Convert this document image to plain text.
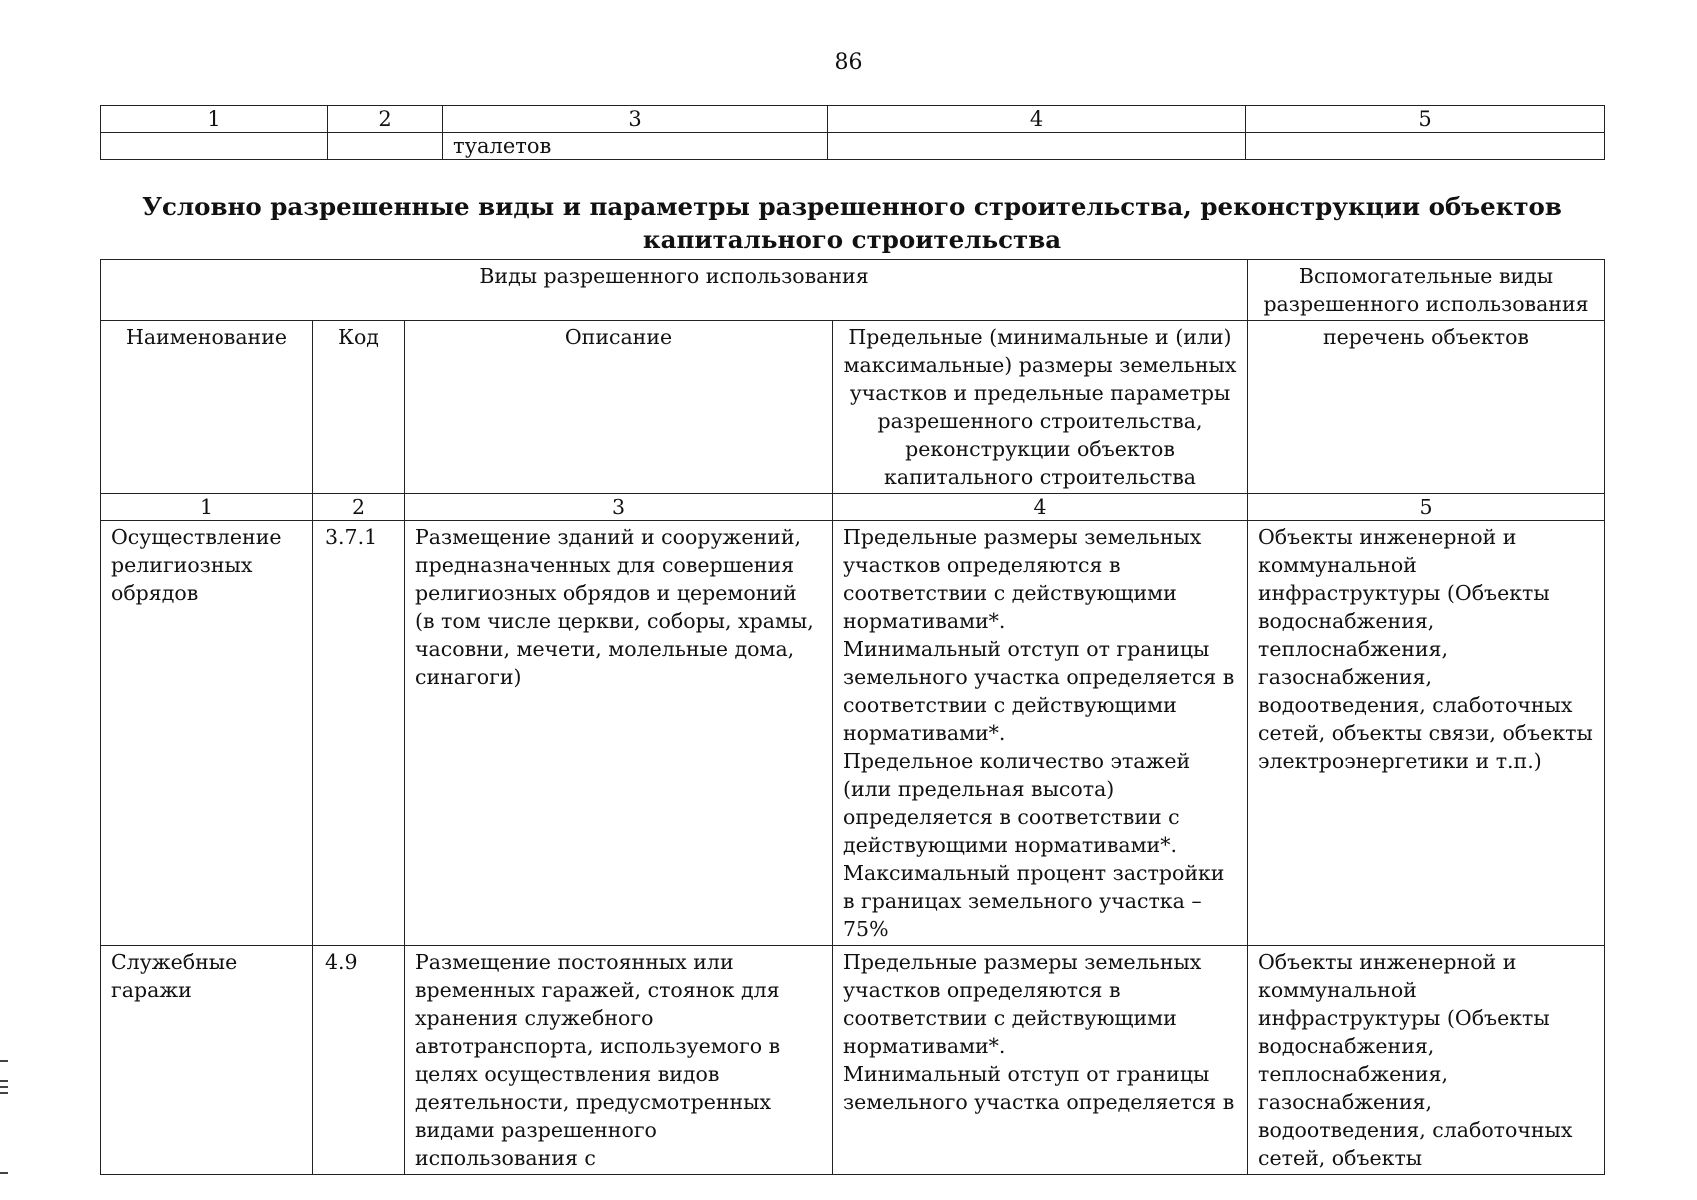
86
1	2	3	4	5
		туалетов		
Условно разрешенные виды и параметры разрешенного строительства, реконструкции объектов капитального строительства
Виды разрешенного использования				Вспомогательные виды разрешенного использования
Наименование	Код	Описание	Предельные (минимальные и (или) максимальные) размеры земельных участков и предельные параметры разрешенного строительства, реконструкции объектов капитального строительства	перечень объектов
1	2	3	4	5
Осуществление религиозных обрядов	3.7.1	Размещение зданий и сооружений, предназначенных для совершения религиозных обрядов и церемоний (в том числе церкви, соборы, храмы, часовни, мечети, молельные дома, синагоги)	Предельные размеры земельных участков определяются в соответствии с действующими нормативами*.
Минимальный отступ от границы земельного участка определяется в соответствии с действующими нормативами*.
Предельное количество этажей (или предельная высота) определяется в соответствии с действующими нормативами*.
Максимальный процент застройки в границах земельного участка – 75%	Объекты инженерной и коммунальной инфраструктуры (Объекты водоснабжения, теплоснабжения, газоснабжения, водоотведения, слаботочных сетей, объекты связи, объекты электроэнергетики и т.п.)
Служебные гаражи	4.9	Размещение постоянных или временных гаражей, стоянок для хранения служебного автотранспорта, используемого в целях осуществления видов деятельности, предусмотренных видами разрешенного использования с	Предельные размеры земельных участков определяются в соответствии с действующими нормативами*.
Минимальный отступ от границы земельного участка определяется в	Объекты инженерной и коммунальной инфраструктуры (Объекты водоснабжения, теплоснабжения, газоснабжения, водоотведения, слаботочных сетей, объекты
